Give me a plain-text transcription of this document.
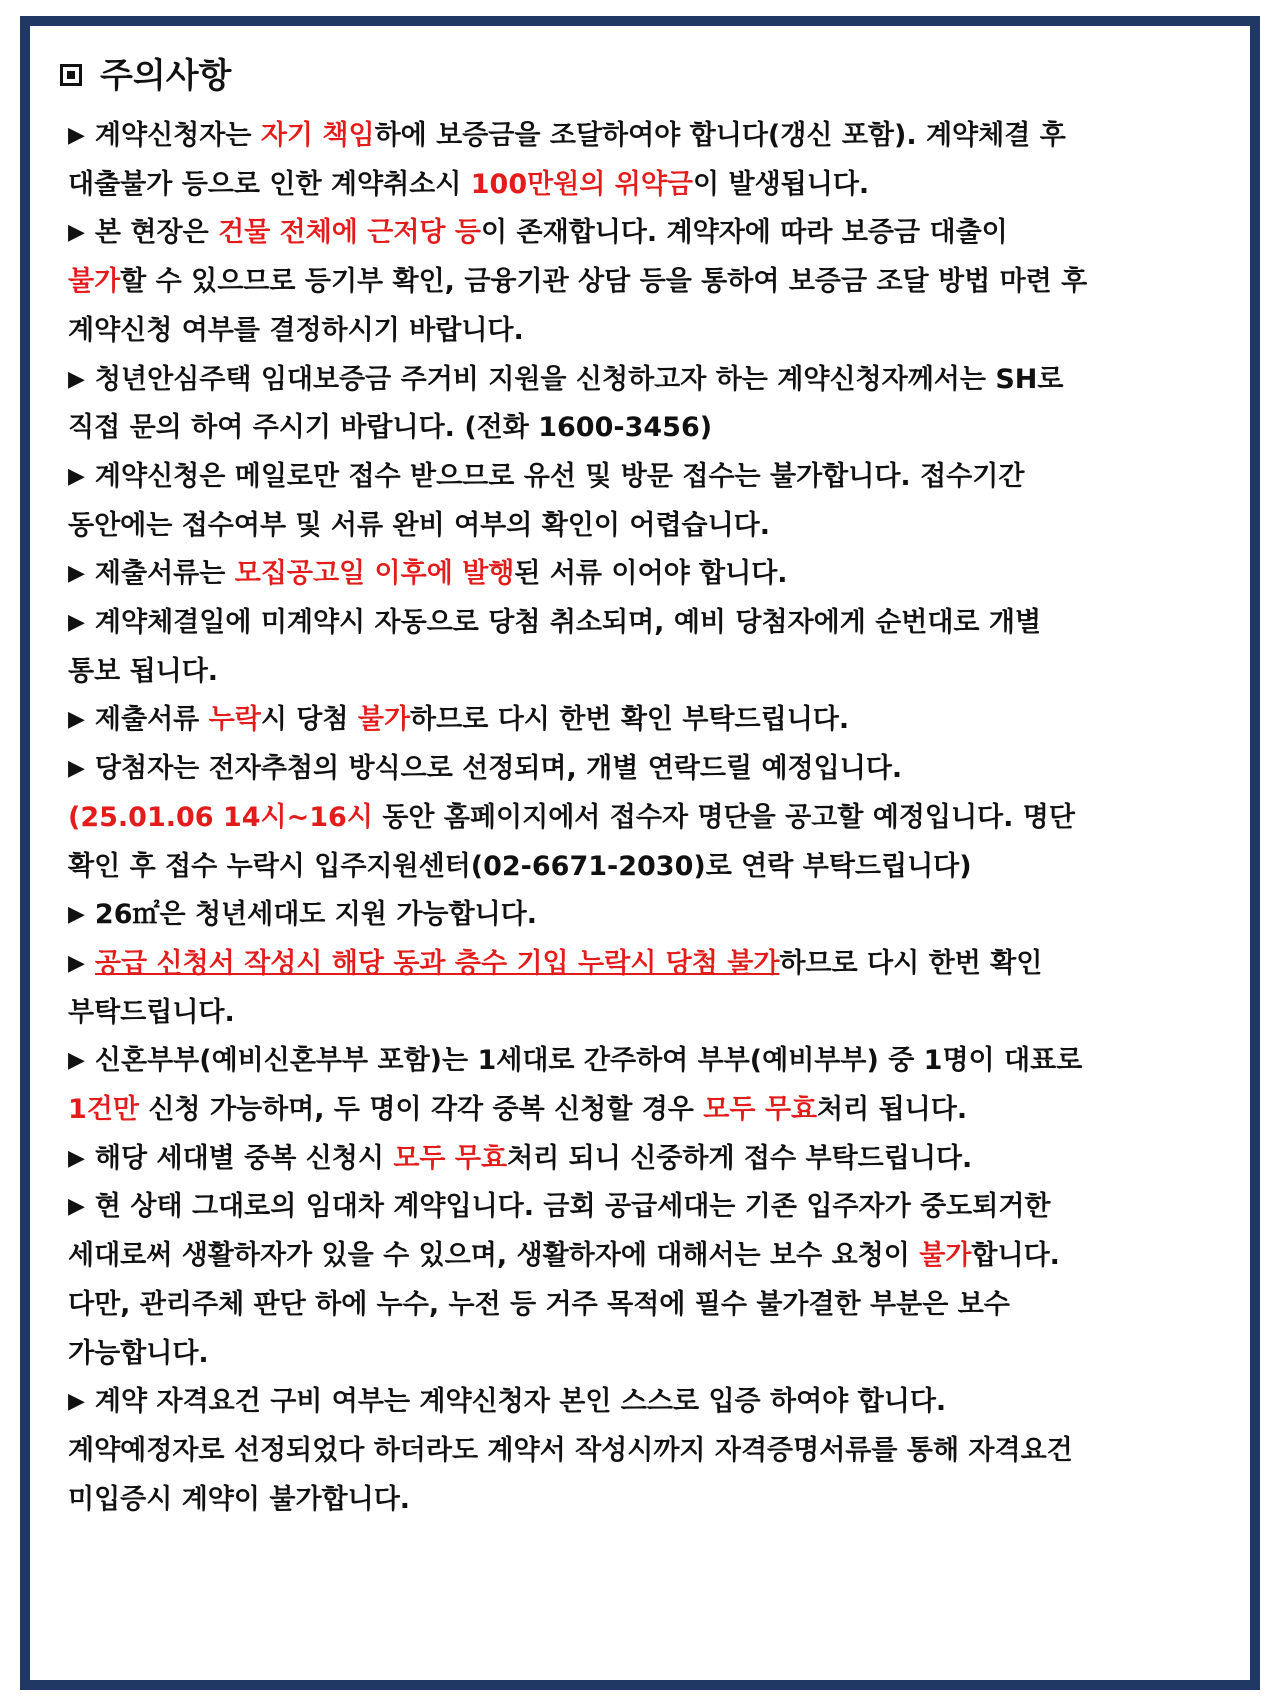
주의사항
▶ 계약신청자는 자기 책임하에 보증금을 조달하여야 합니다(갱신 포함). 계약체결 후
대출불가 등으로 인한 계약취소시 100만원의 위약금이 발생됩니다.
▶ 본 현장은 건물 전체에 근저당 등이 존재합니다. 계약자에 따라 보증금 대출이
불가할 수 있으므로 등기부 확인, 금융기관 상담 등을 통하여 보증금 조달 방법 마련 후
계약신청 여부를 결정하시기 바랍니다.
▶ 청년안심주택 임대보증금 주거비 지원을 신청하고자 하는 계약신청자께서는 SH로
직접 문의 하여 주시기 바랍니다. (전화 1600-3456)
▶ 계약신청은 메일로만 접수 받으므로 유선 및 방문 접수는 불가합니다. 접수기간
동안에는 접수여부 및 서류 완비 여부의 확인이 어렵습니다.
▶ 제출서류는 모집공고일 이후에 발행된 서류 이어야 합니다.
▶ 계약체결일에 미계약시 자동으로 당첨 취소되며, 예비 당첨자에게 순번대로 개별
통보 됩니다.
▶ 제출서류 누락시 당첨 불가하므로 다시 한번 확인 부탁드립니다.
▶ 당첨자는 전자추첨의 방식으로 선정되며, 개별 연락드릴 예정입니다.
(25.01.06 14시~16시 동안 홈페이지에서 접수자 명단을 공고할 예정입니다. 명단
확인 후 접수 누락시 입주지원센터(02-6671-2030)로 연락 부탁드립니다)
▶ 26㎡은 청년세대도 지원 가능합니다.
▶ 공급 신청서 작성시 해당 동과 층수 기입 누락시 당첨 불가하므로 다시 한번 확인
부탁드립니다.
▶ 신혼부부(예비신혼부부 포함)는 1세대로 간주하여 부부(예비부부) 중 1명이 대표로
1건만 신청 가능하며, 두 명이 각각 중복 신청할 경우 모두 무효처리 됩니다.
▶ 해당 세대별 중복 신청시 모두 무효처리 되니 신중하게 접수 부탁드립니다.
▶ 현 상태 그대로의 임대차 계약입니다. 금회 공급세대는 기존 입주자가 중도퇴거한
세대로써 생활하자가 있을 수 있으며, 생활하자에 대해서는 보수 요청이 불가합니다.
다만, 관리주체 판단 하에 누수, 누전 등 거주 목적에 필수 불가결한 부분은 보수
가능합니다.
▶ 계약 자격요건 구비 여부는 계약신청자 본인 스스로 입증 하여야 합니다.
계약예정자로 선정되었다 하더라도 계약서 작성시까지 자격증명서류를 통해 자격요건
미입증시 계약이 불가합니다.
